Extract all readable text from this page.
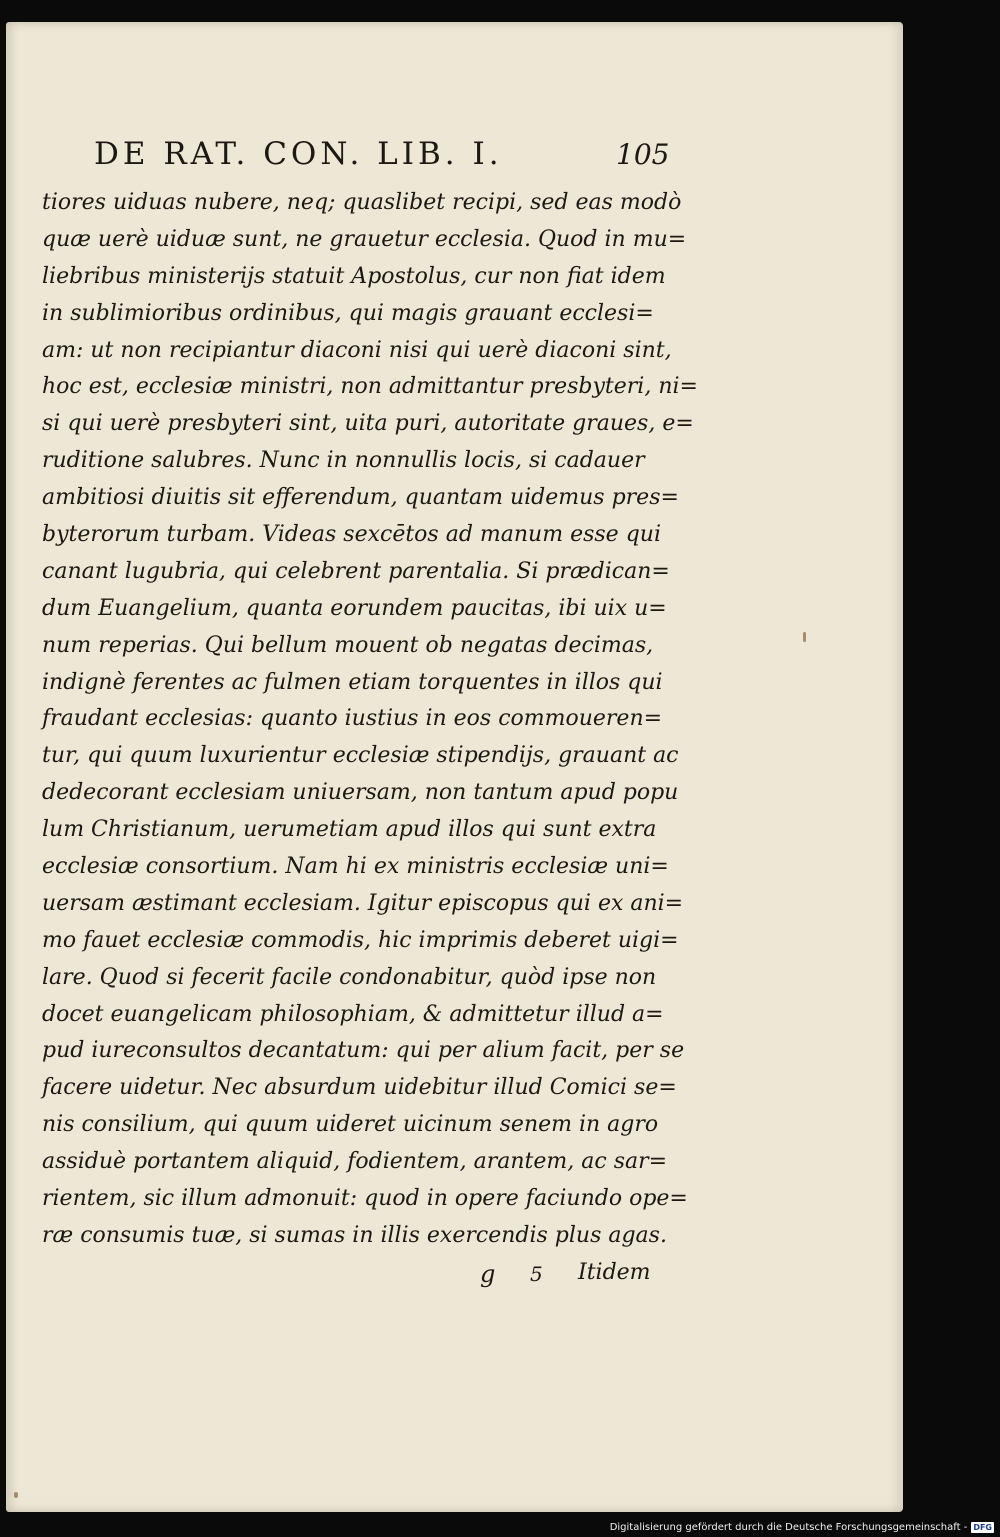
DE RAT. CON. LIB. I.	105
tiores uiduas nubere, neq; quaslibet recipi, sed eas modò
quæ uerè uiduæ sunt, ne grauetur ecclesia. Quod in mu=
liebribus ministerijs statuit Apostolus, cur non fiat idem
in sublimioribus ordinibus, qui magis grauant ecclesi=
am: ut non recipiantur diaconi nisi qui uerè diaconi sint,
hoc est, ecclesiæ ministri, non admittantur presbyteri, ni=
si qui uerè presbyteri sint, uita puri, autoritate graues, e=
ruditione salubres. Nunc in nonnullis locis, si cadauer
ambitiosi diuitis sit efferendum, quantam uidemus pres=
byterorum turbam. Videas sexcētos ad manum esse qui
canant lugubria, qui celebrent parentalia. Si prædican=
dum Euangelium, quanta eorundem paucitas, ibi uix u=
num reperias. Qui bellum mouent ob negatas decimas,
indignè ferentes ac fulmen etiam torquentes in illos qui
fraudant ecclesias: quanto iustius in eos commoueren=
tur, qui quum luxurientur ecclesiæ stipendijs, grauant ac
dedecorant ecclesiam uniuersam, non tantum apud popu
lum Christianum, uerumetiam apud illos qui sunt extra
ecclesiæ consortium. Nam hi ex ministris ecclesiæ uni=
uersam æstimant ecclesiam. Igitur episcopus qui ex ani=
mo fauet ecclesiæ commodis, hic imprimis deberet uigi=
lare. Quod si fecerit facile condonabitur, quòd ipse non
docet euangelicam philosophiam, & admittetur illud a=
pud iureconsultos decantatum: qui per alium facit, per se
facere uidetur. Nec absurdum uidebitur illud Comici se=
nis consilium, qui quum uideret uicinum senem in agro
assiduè portantem aliquid, fodientem, arantem, ac sar=
rientem, sic illum admonuit: quod in opere faciundo ope=
ræ consumis tuæ, si sumas in illis exercendis plus agas.
g 5 Itidem
Digitalisierung gefördert durch die Deutsche Forschungsgemeinschaft - DFG
